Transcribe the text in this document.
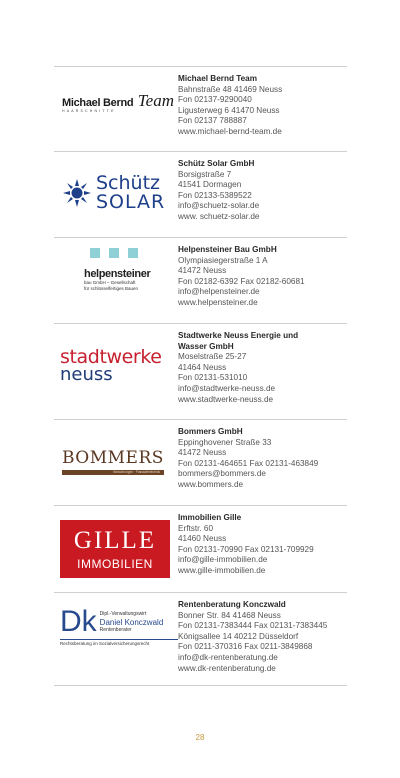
Michael Bernd Team
HAARSCHNITTE
Michael Bernd Team
Bahnstraße 48 41469 Neuss
Fon 02137-9290040
Ligusterweg 6 41470 Neuss
Fon 02137 788887
www.michael-bernd-team.de
Schütz
SOLAR
Schütz Solar GmbH
Borsigstraße 7
41541 Dormagen
Fon 02133-5389522
info@schuetz-solar.de
www. schuetz-solar.de
helpensteiner
bau GmbH – Gesellschaft
für schlüsselfertiges Bauen
Helpensteiner Bau GmbH
Olympiasiegerstraße 1 A
41472 Neuss
Fon 02182-6392 Fax 02182-60681
info@helpensteiner.de
www.helpensteiner.de
stadtwerke
neuss
Stadtwerke Neuss Energie und
Wasser GmbH
Moselstraße 25-27
41464 Neuss
Fon 02131-531010
info@stadtwerke-neuss.de
www.stadtwerke-neuss.de
BOMMERS
Bedachungen · Fassadentechnik
Bommers GmbH
Eppinghovener Straße 33
41472 Neuss
Fon 02131-464651 Fax 02131-463849
bommers@bommers.de
www.bommers.de
GILLE
IMMOBILIEN
Immobilien Gille
Erftstr. 60
41460 Neuss
Fon 02131-70990 Fax 02131-709929
info@gille-immobilien.de
www.gille-immobilien.de
Dk Dipl.-Verwaltungswirt
Daniel Konczwald
Rentenberater
Rechtsberatung im Sozialversicherungsrecht
Rentenberatung Konczwald
Bonner Str. 84 41468 Neuss
Fon 02131-7383444 Fax 02131-7383445
Königsallee 14 40212 Düsseldorf
Fon 0211-370316 Fax 0211-3849868
info@dk-rentenberatung.de
www.dk-rentenberatung.de
28
